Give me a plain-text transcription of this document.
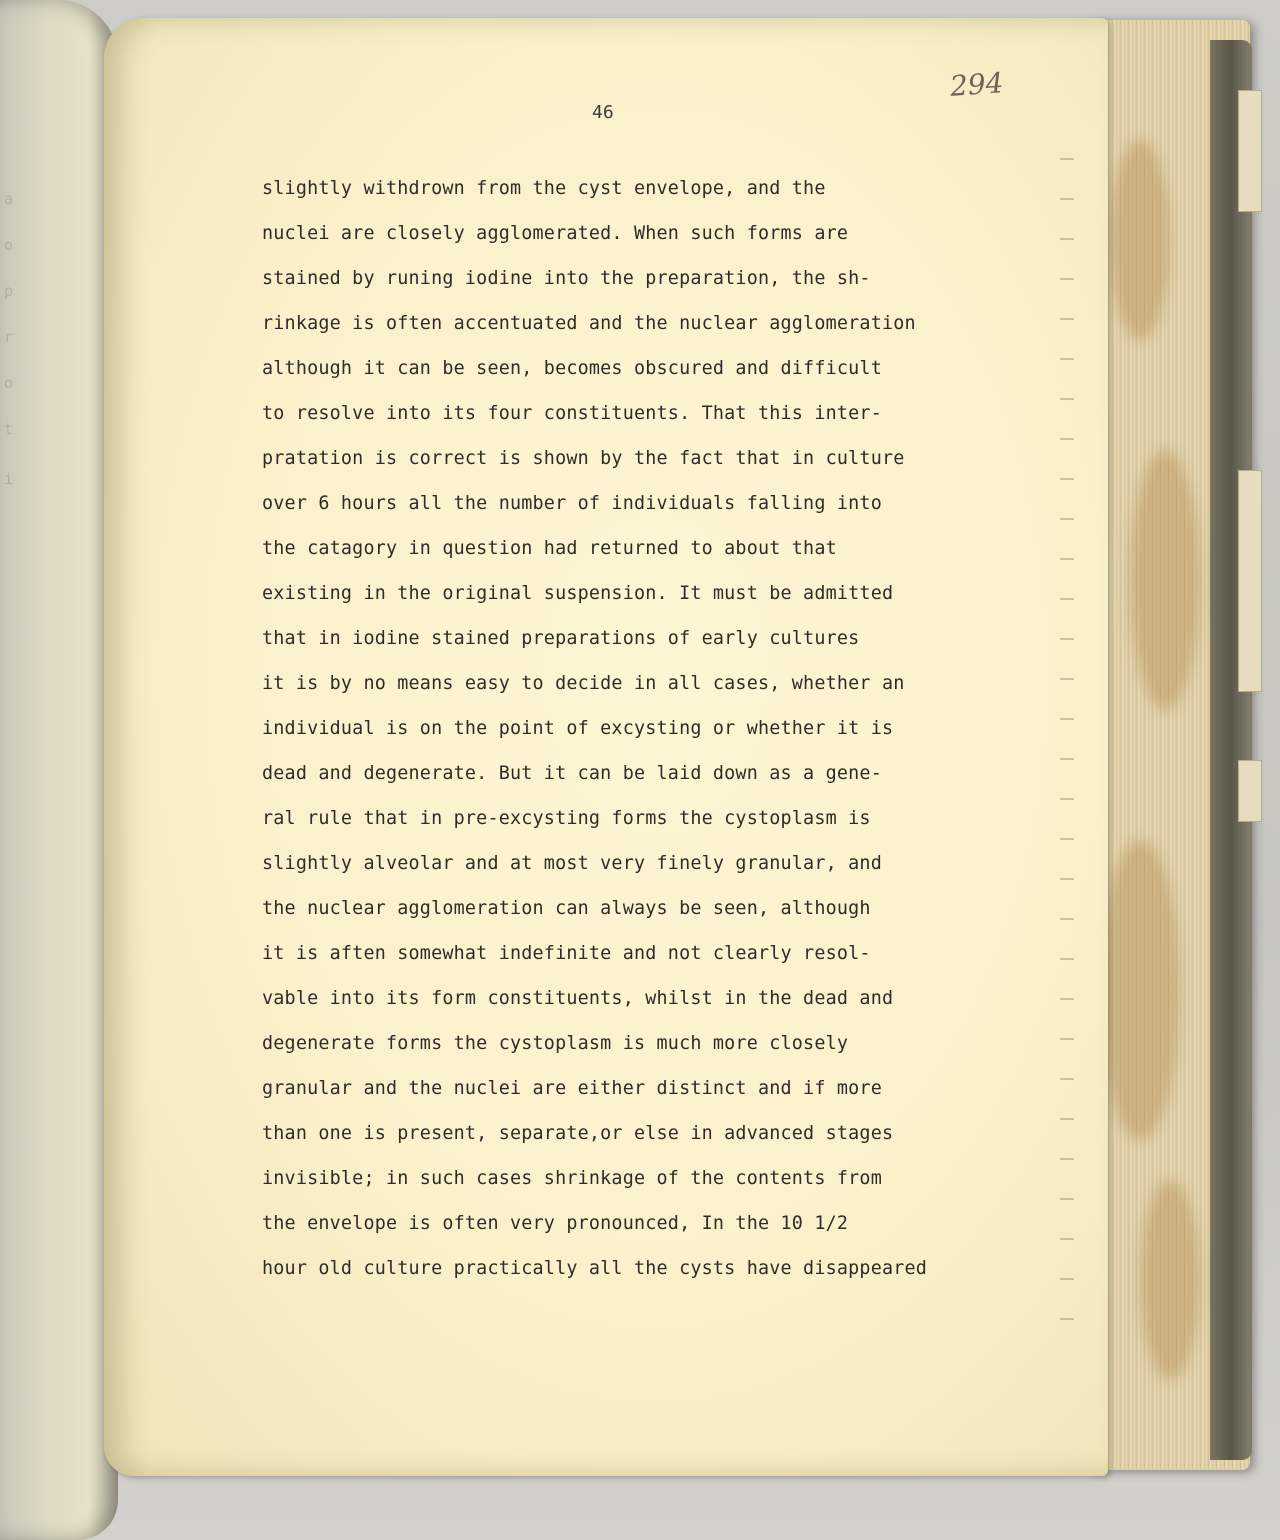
a
o
p
r
o
t
i
46
294
slightly withdrown from the cyst envelope, and the
nuclei are closely agglomerated. When such forms are
stained by runing iodine into the preparation, the sh-
rinkage is often accentuated and the nuclear agglomeration
although it can be seen, becomes obscured and difficult
to resolve into its four constituents. That this inter-
pratation is correct is shown by the fact that in culture
over 6 hours all the number of individuals falling into
the catagory in question had returned to about that
existing in the original suspension. It must be admitted
that in iodine stained preparations of early cultures
it is by no means easy to decide in all cases, whether an
individual is on the point of excysting or whether it is
dead and degenerate. But it can be laid down as a gene-
ral rule that in pre-excysting forms the cystoplasm is
slightly alveolar and at most very finely granular, and
the nuclear agglomeration can always be seen, although
it is aften somewhat indefinite and not clearly resol-
vable into its form constituents, whilst in the dead and
degenerate forms the cystoplasm is much more closely
granular and the nuclei are either distinct and if more
than one is present, separate,or else in advanced stages
invisible; in such cases shrinkage of the contents from
the envelope is often very pronounced, In the 10 1/2
hour old culture practically all the cysts have disappeared
